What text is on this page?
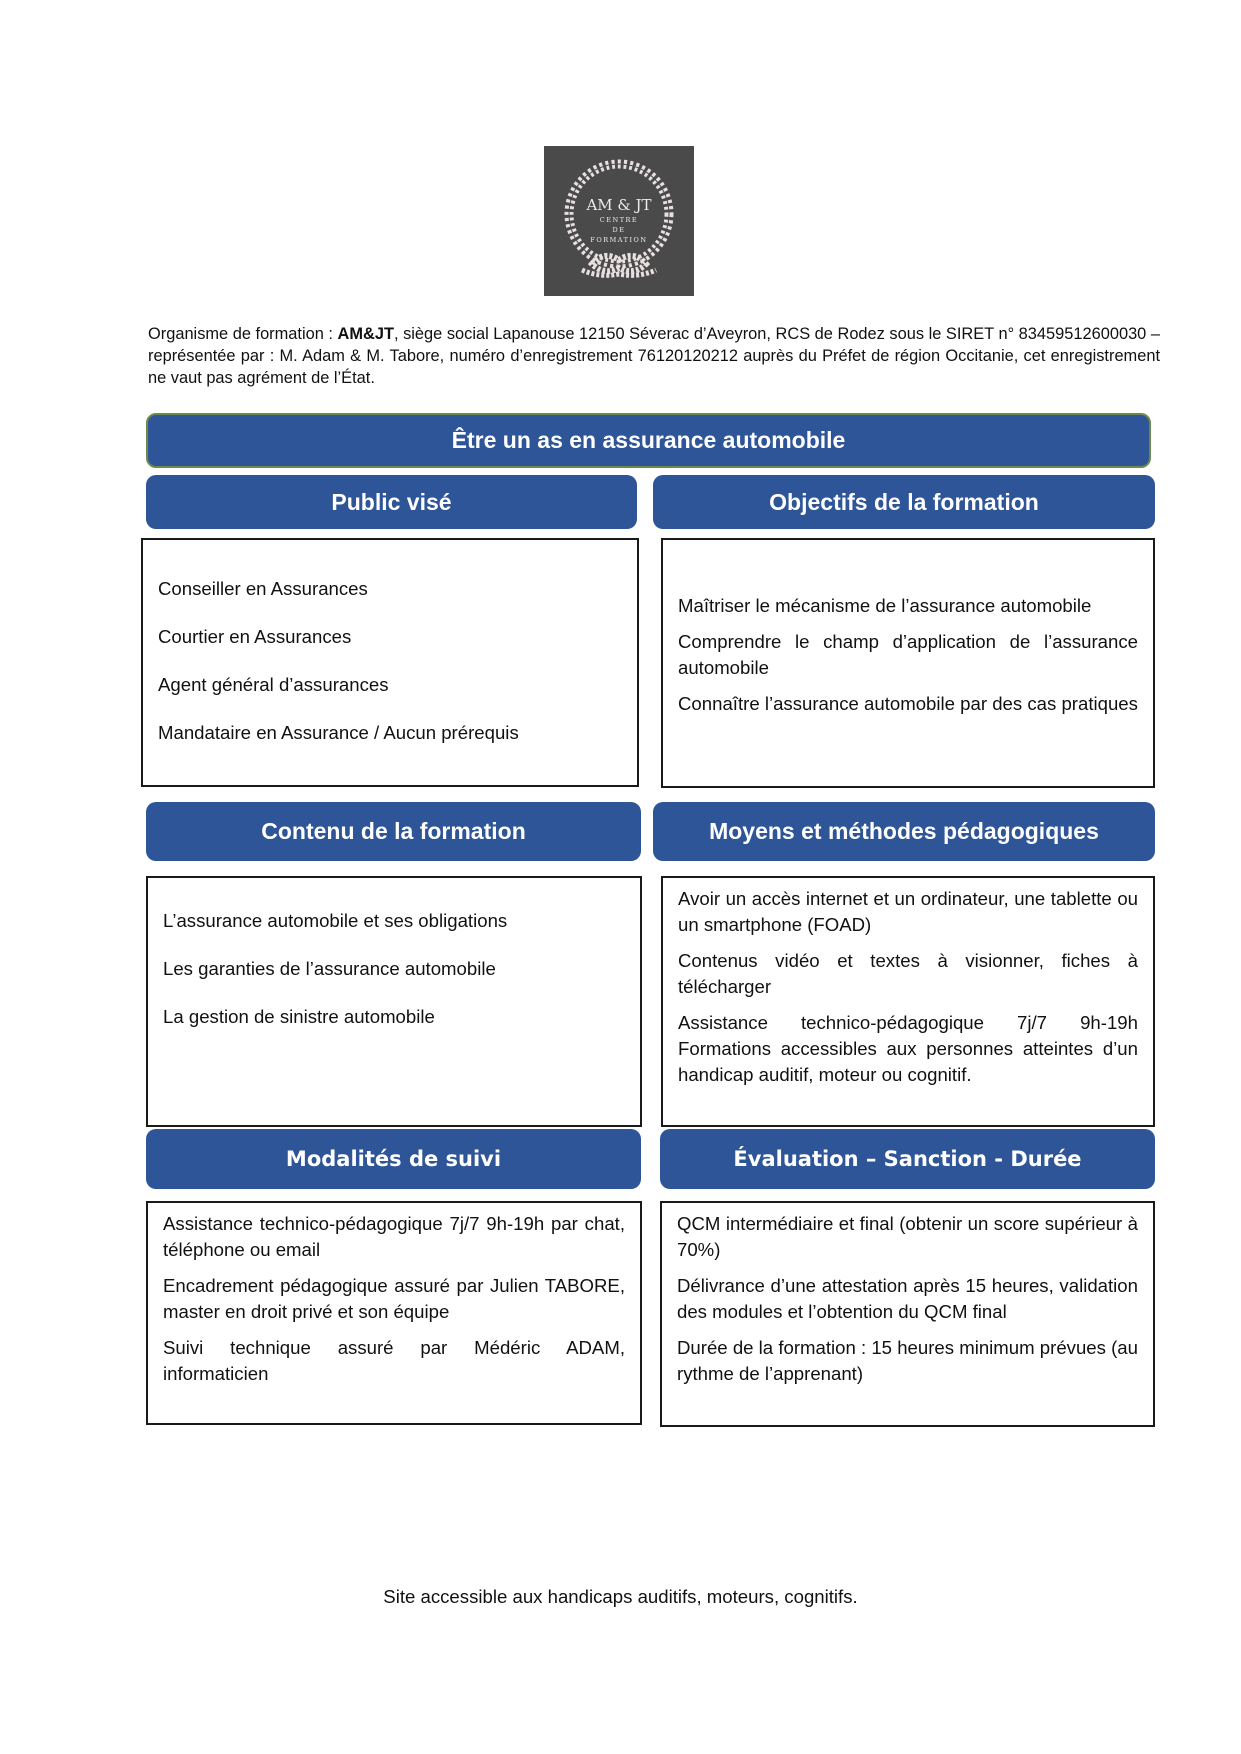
AM & JT
CENTRE
DE
FORMATION
Organisme de formation : AM&JT, siège social Lapanouse 12150 Séverac d’Aveyron, RCS de Rodez sous le SIRET n° 83459512600030 – représentée par : M. Adam & M. Tabore, numéro d’enregistrement 76120120212 auprès du Préfet de région Occitanie, cet enregistrement ne vaut pas agrément de l’État.
Être un as en assurance automobile
Public visé	Objectifs de la formation

Conseiller en Assurances

Courtier en Assurances

Agent général d’assurances

Mandataire en Assurance / Aucun prérequis

Maîtriser le mécanisme de l’assurance automobile

Comprendre le champ d’application de l’assurance automobile

Connaître l’assurance automobile par des cas pratiques

Contenu de la formation	Moyens et méthodes pédagogiques

L’assurance automobile et ses obligations

Les garanties de l’assurance automobile

La gestion de sinistre automobile

Avoir un accès internet et un ordinateur, une tablette ou un smartphone (FOAD)

Contenus vidéo et textes à visionner, fiches à télécharger

Assistance technico-pédagogique 7j/7 9h-19h Formations accessibles aux personnes atteintes d’un handicap auditif, moteur ou cognitif.

Modalités de suivi	Évaluation – Sanction - Durée

Assistance technico-pédagogique 7j/7 9h-19h par chat, téléphone ou email

Encadrement pédagogique assuré par Julien TABORE, master en droit privé et son équipe

Suivi technique assuré par Médéric ADAM, informaticien

QCM intermédiaire et final (obtenir un score supérieur à 70%)

Délivrance d’une attestation après 15 heures, validation des modules et l’obtention du QCM final

Durée de la formation : 15 heures minimum prévues (au rythme de l’apprenant)

Site accessible aux handicaps auditifs, moteurs, cognitifs.
